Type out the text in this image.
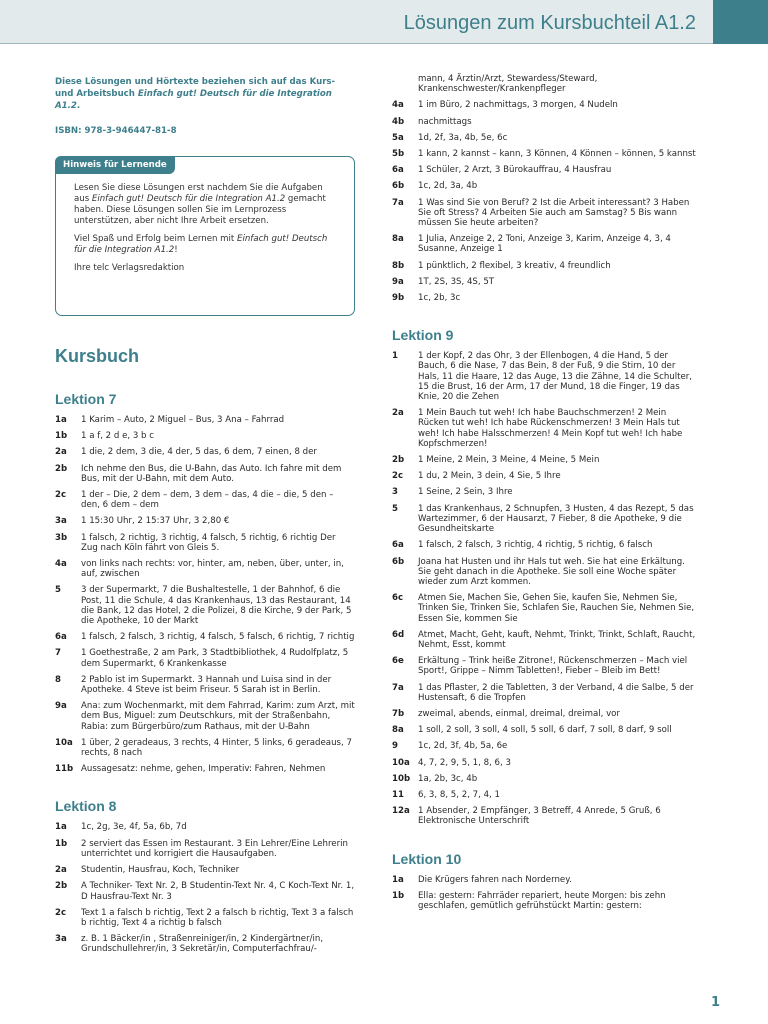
Lösungen zum Kursbuchteil A1.2
Diese Lösungen und Hörtexte beziehen sich auf das Kurs- und Arbeitsbuch Einfach gut! Deutsch für die Integration A1.2.
ISBN: 978-3-946447-81-8
Hinweis für Lernende

Lesen Sie diese Lösungen erst nachdem Sie die Aufgaben aus Einfach gut! Deutsch für die Integration A1.2 gemacht haben. Diese Lösungen sollen Sie im Lernprozess unterstützen, aber nicht Ihre Arbeit ersetzen.

Viel Spaß und Erfolg beim Lernen mit Einfach gut! Deutsch für die Integration A1.2!

Ihre telc Verlagsredaktion

Kursbuch
Lektion 7
1a	1 Karim – Auto, 2 Miguel – Bus, 3 Ana – Fahrrad
1b	1 a f, 2 d e, 3 b c
2a	1 die, 2 dem, 3 die, 4 der, 5 das, 6 dem, 7 einen, 8 der
2b	Ich nehme den Bus, die U-Bahn, das Auto. Ich fahre mit dem Bus, mit der U-Bahn, mit dem Auto.
2c	1 der – Die, 2 dem – dem, 3 dem – das, 4 die – die, 5 den – den, 6 dem – dem
3a	1 15:30 Uhr, 2 15:37 Uhr, 3 2,80 €
3b	1 falsch, 2 richtig, 3 richtig, 4 falsch, 5 richtig, 6 richtig Der Zug nach Köln fährt von Gleis 5.
4a	von links nach rechts: vor, hinter, am, neben, über, unter, in, auf, zwischen
5	3 der Supermarkt, 7 die Bushaltestelle, 1 der Bahnhof, 6 die Post, 11 die Schule, 4 das Krankenhaus, 13 das Restaurant, 14 die Bank, 12 das Hotel, 2 die Polizei, 8 die Kirche, 9 der Park, 5 die Apotheke, 10 der Markt
6a	1 falsch, 2 falsch, 3 richtig, 4 falsch, 5 falsch, 6 richtig, 7 richtig
7	1 Goethestraße, 2 am Park, 3 Stadtbibliothek, 4 Rudolfplatz, 5 dem Supermarkt, 6 Krankenkasse
8	2 Pablo ist im Supermarkt. 3 Hannah und Luisa sind in der Apotheke. 4 Steve ist beim Friseur. 5 Sarah ist in Berlin.
9a	Ana: zum Wochenmarkt, mit dem Fahrrad, Karim: zum Arzt, mit dem Bus, Miguel: zum Deutschkurs, mit der Straßenbahn, Rabia: zum Bürgerbüro/zum Rathaus, mit der U-Bahn
10a 1 über, 2 geradeaus, 3 rechts, 4 Hinter, 5 links, 6 geradeaus, 7 rechts, 8 nach
11b Aussagesatz: nehme, gehen, Imperativ: Fahren, Nehmen
Lektion 8
1a	1c, 2g, 3e, 4f, 5a, 6b, 7d
1b	2 serviert das Essen im Restaurant. 3 Ein Lehrer/Eine Lehrerin unterrichtet und korrigiert die Hausaufgaben.
2a	Studentin, Hausfrau, Koch, Techniker
2b	A Techniker- Text Nr. 2, B Studentin-Text Nr. 4, C Koch-Text Nr. 1, D Hausfrau-Text Nr. 3
2c	Text 1 a falsch b richtig, Text 2 a falsch b richtig, Text 3 a falsch b richtig, Text 4 a richtig b falsch
3a	z. B. 1 Bäcker/in , Straßenreiniger/in, 2 Kindergärtner/in, Grundschullehrer/in, 3 Sekretär/in, Computerfachfrau/-
mann, 4 Ärztin/Arzt, Stewardess/Steward, Krankenschwester/Krankenpfleger
4a	1 im Büro, 2 nachmittags, 3 morgen, 4 Nudeln
4b	nachmittags
5a	1d, 2f, 3a, 4b, 5e, 6c
5b	1 kann, 2 kannst – kann, 3 Können, 4 Können – können, 5 kannst
6a	1 Schüler, 2 Arzt, 3 Bürokauffrau, 4 Hausfrau
6b	1c, 2d, 3a, 4b
7a	1 Was sind Sie von Beruf? 2 Ist die Arbeit interessant? 3 Haben Sie oft Stress? 4 Arbeiten Sie auch am Samstag? 5 Bis wann müssen Sie heute arbeiten?
8a	1 Julia, Anzeige 2, 2 Toni, Anzeige 3, Karim, Anzeige 4, 3, 4 Susanne, Anzeige 1
8b	1 pünktlich, 2 flexibel, 3 kreativ, 4 freundlich
9a	1T, 2S, 3S, 4S, 5T
9b	1c, 2b, 3c
Lektion 9
1	1 der Kopf, 2 das Ohr, 3 der Ellenbogen, 4 die Hand, 5 der Bauch, 6 die Nase, 7 das Bein, 8 der Fuß, 9 die Stirn, 10 der Hals, 11 die Haare, 12 das Auge, 13 die Zähne, 14 die Schulter, 15 die Brust, 16 der Arm, 17 der Mund, 18 die Finger, 19 das Knie, 20 die Zehen
2a	1 Mein Bauch tut weh! Ich habe Bauchschmerzen! 2 Mein Rücken tut weh! Ich habe Rückenschmerzen! 3 Mein Hals tut weh! Ich habe Halsschmerzen! 4 Mein Kopf tut weh! Ich habe Kopfschmerzen!
2b	1 Meine, 2 Mein, 3 Meine, 4 Meine, 5 Mein
2c	1 du, 2 Mein, 3 dein, 4 Sie, 5 Ihre
3	1 Seine, 2 Sein, 3 Ihre
5	1 das Krankenhaus, 2 Schnupfen, 3 Husten, 4 das Rezept, 5 das Wartezimmer, 6 der Hausarzt, 7 Fieber, 8 die Apotheke, 9 die Gesundheitskarte
6a	1 falsch, 2 falsch, 3 richtig, 4 richtig, 5 richtig, 6 falsch
6b	Joana hat Husten und ihr Hals tut weh. Sie hat eine Erkältung. Sie geht danach in die Apotheke. Sie soll eine Woche später wieder zum Arzt kommen.
6c	Atmen Sie, Machen Sie, Gehen Sie, kaufen Sie, Nehmen Sie, Trinken Sie, Trinken Sie, Schlafen Sie, Rauchen Sie, Nehmen Sie, Essen Sie, kommen Sie
6d	Atmet, Macht, Geht, kauft, Nehmt, Trinkt, Trinkt, Schlaft, Raucht, Nehmt, Esst, kommt
6e	Erkältung – Trink heiße Zitrone!, Rückenschmerzen – Mach viel Sport!, Grippe – Nimm Tabletten!, Fieber – Bleib im Bett!
7a	1 das Pflaster, 2 die Tabletten, 3 der Verband, 4 die Salbe, 5 der Hustensaft, 6 die Tropfen
7b	zweimal, abends, einmal, dreimal, dreimal, vor
8a	1 soll, 2 soll, 3 soll, 4 soll, 5 soll, 6 darf, 7 soll, 8 darf, 9 soll
9	1c, 2d, 3f, 4b, 5a, 6e
10a 4, 7, 2, 9, 5, 1, 8, 6, 3
10b 1a, 2b, 3c, 4b
11	6, 3, 8, 5, 2, 7, 4, 1
12a 1 Absender, 2 Empfänger, 3 Betreff, 4 Anrede, 5 Gruß, 6 Elektronische Unterschrift
Lektion 10
1a	Die Krügers fahren nach Norderney.
1b	Ella: gestern: Fahrräder repariert, heute Morgen: bis zehn geschlafen, gemütlich gefrühstückt Martin: gestern:
1
